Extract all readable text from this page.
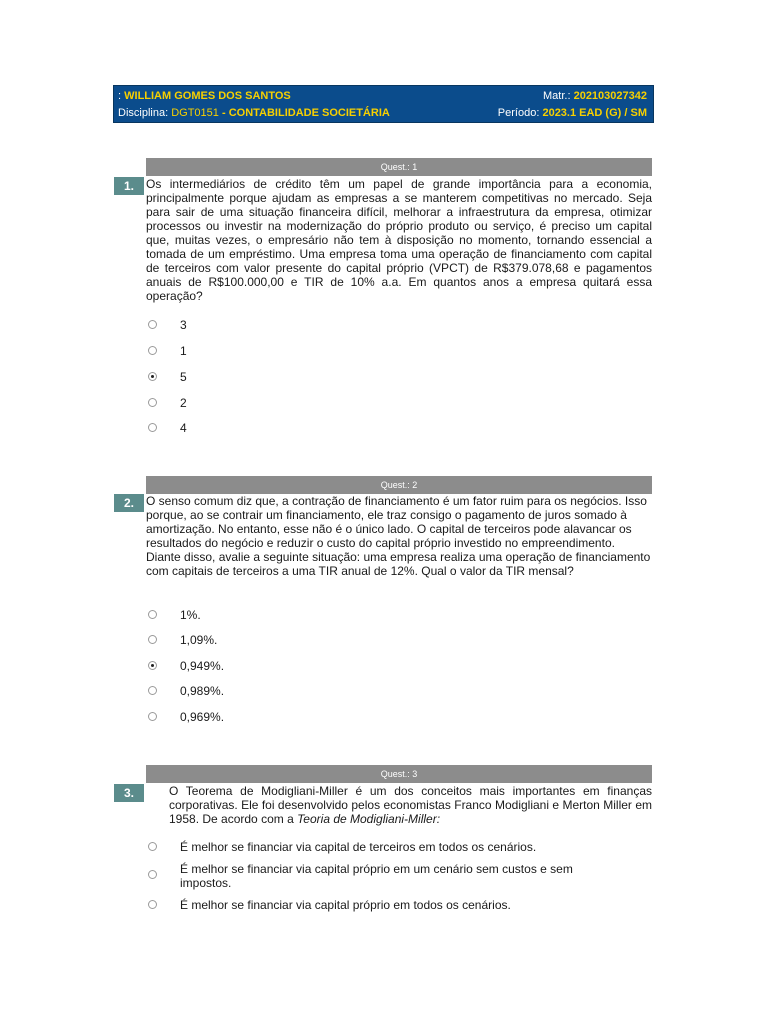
: WILLIAM GOMES DOS SANTOS	Matr.: 202103027342
Disciplina: DGT0151 - CONTABILIDADE SOCIETÁRIA	Período: 2023.1 EAD (G) / SM
Quest.: 1
1.	Os intermediários de crédito têm um papel de grande importância para a economia, principalmente porque ajudam as empresas a se manterem competitivas no mercado. Seja para sair de uma situação financeira difícil, melhorar a infraestrutura da empresa, otimizar processos ou investir na modernização do próprio produto ou serviço, é preciso um capital que, muitas vezes, o empresário não tem à disposição no momento, tornando essencial a tomada de um empréstimo. Uma empresa toma uma operação de financiamento com capital de terceiros com valor presente do capital próprio (VPCT) de R$379.078,68 e pagamentos anuais de R$100.000,00 e TIR de 10% a.a. Em quantos anos a empresa quitará essa operação?
3
1
5
2
4
Quest.: 2
2.	O senso comum diz que, a contração de financiamento é um fator ruim para os negócios. Isso porque, ao se contrair um financiamento, ele traz consigo o pagamento de juros somado à amortização. No entanto, esse não é o único lado. O capital de terceiros pode alavancar os resultados do negócio e reduzir o custo do capital próprio investido no empreendimento. Diante disso, avalie a seguinte situação: uma empresa realiza uma operação de financiamento com capitais de terceiros a uma TIR anual de 12%. Qual o valor da TIR mensal?
1%.
1,09%.
0,949%.
0,989%.
0,969%.
Quest.: 3
3.	O Teorema de Modigliani-Miller é um dos conceitos mais importantes em finanças corporativas. Ele foi desenvolvido pelos economistas Franco Modigliani e Merton Miller em 1958. De acordo com a Teoria de Modigliani-Miller:
É melhor se financiar via capital de terceiros em todos os cenários.
É melhor se financiar via capital próprio em um cenário sem custos e sem impostos.
É melhor se financiar via capital próprio em todos os cenários.
